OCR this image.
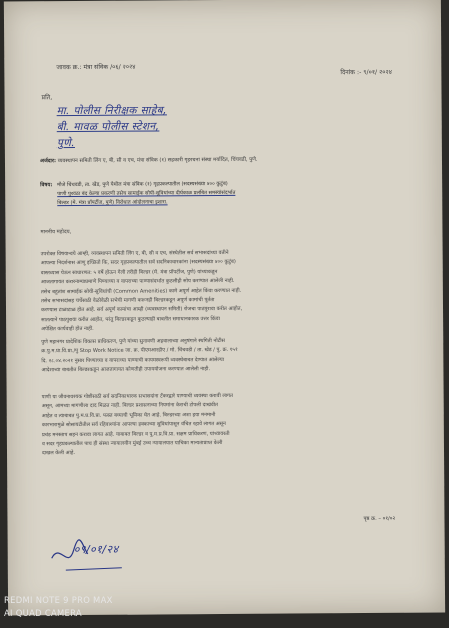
जावक क्र.: मंत्रा संविक /०६/ २०२४
दिनांक :- ९/०१/ २०२४
प्रति,
मा. पोलीस निरीक्षक साहेब,
बी. मावळ पोलीस स्टेशन,
पुणे.
अर्जदार: व्यवस्थापन समिती लिंग ए, बी, सी व एच, मंत्रा संविक (१) सहकारी गृहरचना संस्था मर्यादित, चिंचवडी, पुणे.
विषय: मौजे चिंचवडी, ता. खेड, पुणे येथील मंत्रा संविक (१) गृहप्रकल्पातील (सदस्यसंख्या ४०० कुटुंब)
पाणी पुरवठा बंद केल्या प्रकरणी तसेच सामाईक सोयी-सुविधांच्या दीर्घकाळ प्रलंबित समस्यांसंदर्भात
बिल्डर (मे. मंत्रा प्रॉपर्टीज, पुणे) विरोधात आंदोलनाचा इशारा.
माननीय महोदय,
उपरोक्त विषयान्वये आम्ही, व्यवस्थापन समिती लिंग ए, बी, सी व एच, संस्थेतील सर्व सभासदांच्या वतीने
आपल्या निदर्शनास आणू इच्छितो कि, सदर गृहप्रकल्पातील सर्व सदनिकाधारकांना (सदस्यसंख्या ४०० कुटुंब)
वास्तव्यास येऊन साधारणत: ५ वर्षे होऊन गेली तरीही बिल्डर (मे. मंत्रा प्रॉपर्टीज, पुणे) यांच्याकडून
आजतागायत करारनाम्याप्रमाणे पिण्याच्या व वापराच्या पाण्यासंदर्भात कुठलीही सोय करण्यात आलेली नाही.
तसेच बहुतांश सामाईक सोयी-सुविधांची (Common Amenities) कामे अपूर्ण आहेत किंवा करण्यात नाही.
तसेच सभासदांसह चर्चेसाठी वेळोवेळी सभेची मागणी करूनही बिल्डरकडून अपूर्ण कामांची पूर्तता
करण्यास टाळाटाळ होत आहे. सर्व अपूर्ण कामांचा आम्ही (व्यवस्थापन समिती) रोजचा पाठपुरावा करीत आहोत,
सातत्याने पाठपुरावा करीत आहोत, परंतु बिल्डरकडून कुठल्याही बाबतीत समाधानकारक उत्तर किंवा
अपेक्षित कार्यवाही होत नाही.
पुणे महानगर प्रादेशिक विकास प्राधिकरण, पुणे यांच्या सुनावणी अहवालाच्या अनुषंगाने स्थगिती नोटीस
क्र.पु.म.प्रा.वि.प्रा./पु Stop Work Notice जा. क्र. पीएमआरडीए / मो. चिंचवडी / ता. खेड / पु. क्र. १५१
दि. २८.०४.२०२१ नुसार पिण्याच्या व वापराच्या पाण्याची कायमस्वरूपी व्यवस्थेबाबत देण्यात आलेल्या
आदेशाच्या बाबतीत बिल्डरकडून आजतागायत कोणतीही उपाययोजना करण्यात आलेली नाही.
पाणी या जीवनावश्यक गोष्टीसाठी सर्व सदनिकाधारक सभासदांना टँकरद्वारे पाण्याची व्यवस्था करावी लागत
असून, आमच्या मागणीला दाद मिळत नाही. बिल्डर प्रशासनाच्या नियमांना केराची टोपली दाखवीत
आहेत व त्याबाबत पु.म.प्र.वि.प्रा. फक्त बघ्याची भूमिका घेत आहे. बिल्डरच्या अशा हया मनमानी
कारभारामुळे सोसायटीतील सर्व रहिवाश्यांना आपल्या हक्काच्या सुविधांपासून वंचित रहावे लागत असून
प्रचंड मनस्ताप सहन करावा लागत आहे. याबाबत बिल्डर व पु.म.प्र.वि.प्रा. सक्षम प्राधिकरण, यांच्यावरती
व सदर गृहप्रकल्पातील पाच ही संस्था न्यायालयीन मुंबई उच्च न्यायालयात याचिका मान्यताप्राप्त केली
दाखल केली आहे.
पृष्ठ क्र. – ०१/०२
०९/०१/२४
REDMI NOTE 9 PRO MAX
AI QUAD CAMERA
